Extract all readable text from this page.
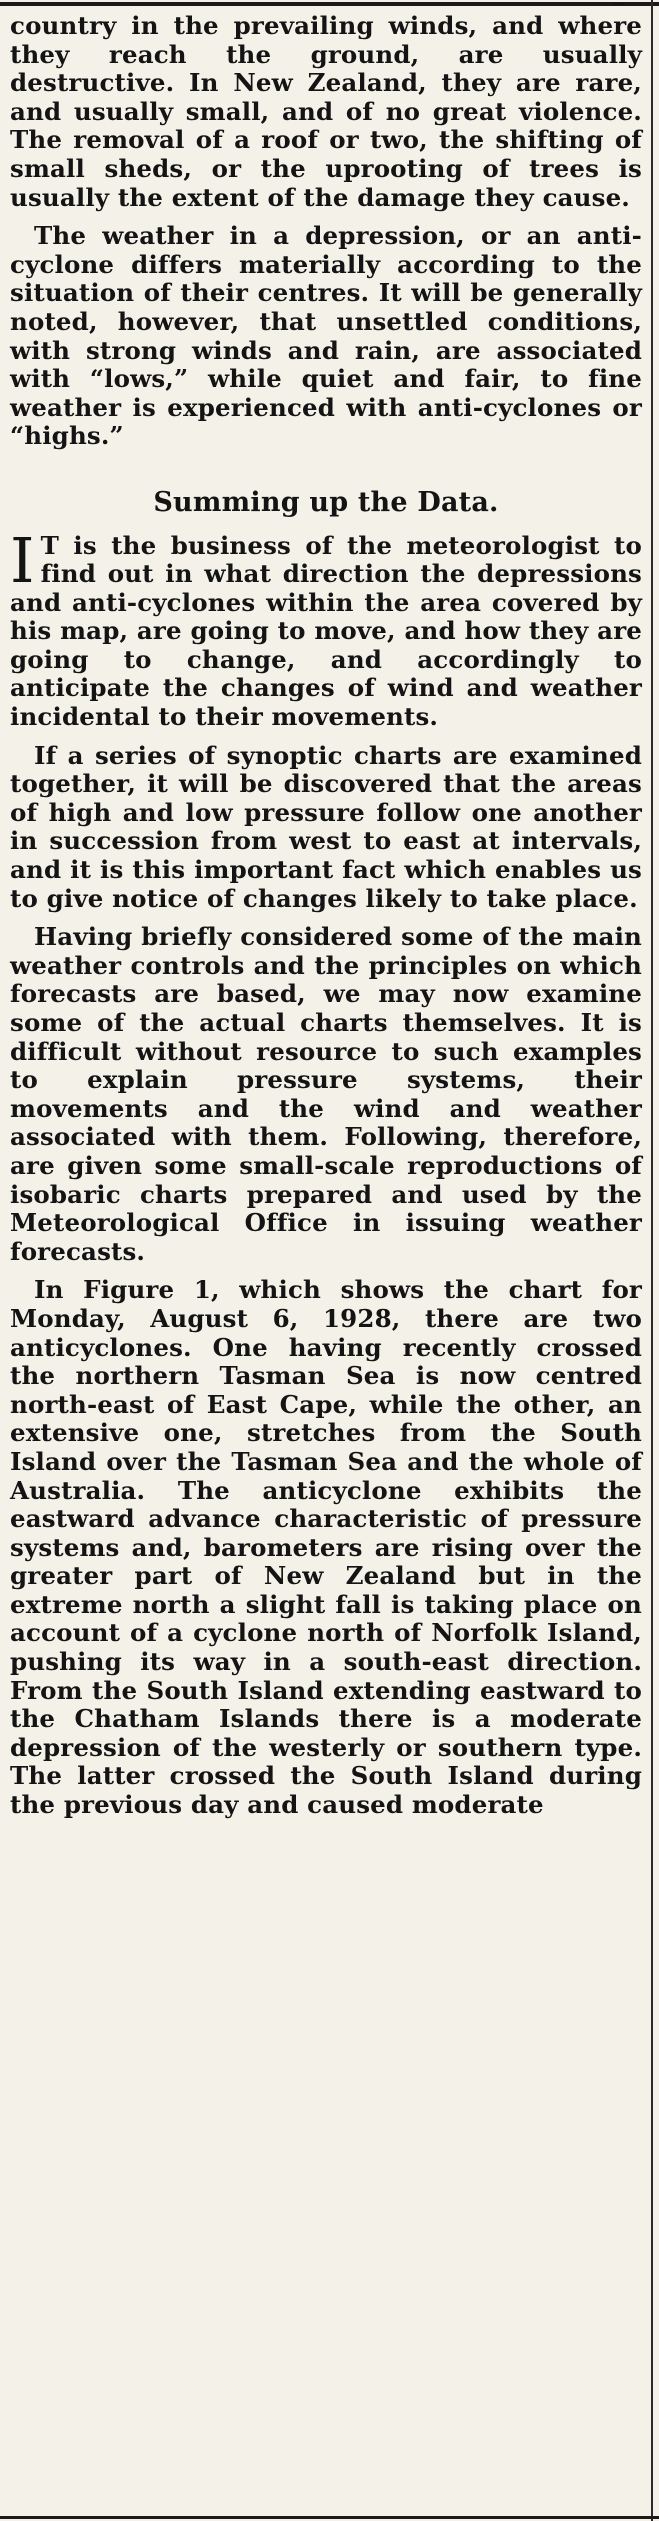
~

country in the prevailing winds, and where they reach the ground, are usually destructive. In New Zealand, they are rare, and usually small, and of no great violence. The removal of a roof or two, the shifting of small sheds, or the uprooting of trees is usually the extent of the damage they cause.

The weather in a depression, or an anti-cyclone differs materially according to the situation of their centres. It will be generally noted, however, that unsettled conditions, with strong winds and rain, are associated with “lows,” while quiet and fair, to fine weather is experienced with anti-cyclones or “highs.”

Summing up the Data.

I T is the business of the meteorologist to find out in what direction the depressions and anti-cyclones within the area covered by his map, are going to move, and how they are going to change, and accordingly to anticipate the changes of wind and weather incidental to their movements.

If a series of synoptic charts are examined together, it will be discovered that the areas of high and low pressure follow one another in succession from west to east at intervals, and it is this important fact which enables us to give notice of changes likely to take place.

Having briefly considered some of the main weather controls and the principles on which forecasts are based, we may now examine some of the actual charts themselves. It is difficult without resource to such examples to explain pressure systems, their movements and the wind and weather associated with them. Following, therefore, are given some small-scale reproductions of isobaric charts prepared and used by the Meteorological Office in issuing weather forecasts.

In Figure 1, which shows the chart for Monday, August 6, 1928, there are two anticyclones. One having recently crossed the northern Tasman Sea is now centred north-east of East Cape, while the other, an extensive one, stretches from the South Island over the Tasman Sea and the whole of Australia. The anticyclone exhibits the eastward advance characteristic of pressure systems and, barometers are rising over the greater part of New Zealand but in the extreme north a slight fall is taking place on account of a cyclone north of Norfolk Island, pushing its way in a south-east direction. From the South Island extending eastward to the Chatham Islands there is a moderate depression of the westerly or southern type. The latter crossed the South Island during the previous day and caused moderate
